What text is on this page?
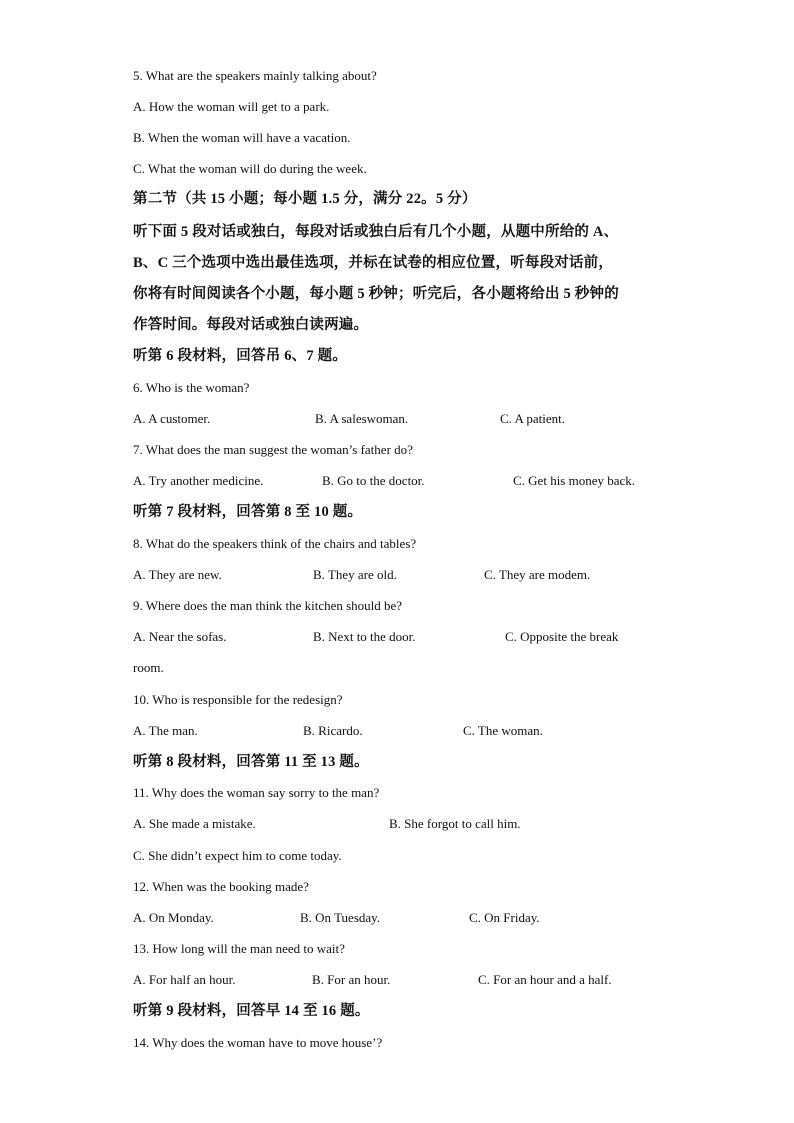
5. What are the speakers mainly talking about?
A. How the woman will get to a park.
B. When the woman will have a vacation.
C. What the woman will do during the week.
第二节（共 15 小题；每小题 1.5 分，满分 22。5 分）
听下面 5 段对话或独白，每段对话或独白后有几个小题，从题中所给的 A、
B、C 三个选项中选出最佳选项，并标在试卷的相应位置，听每段对话前，
你将有时间阅读各个小题，每小题 5 秒钟；听完后，各小题将给出 5 秒钟的
作答时间。每段对话或独白读两遍。
听第 6 段材料，回答吊 6、7 题。
6. Who is the woman?
A. A customer.	B. A saleswoman.	C. A patient.
7. What does the man suggest the woman’s father do?
A. Try another medicine.	B. Go to the doctor.	C. Get his money back.
听第 7 段材料，回答第 8 至 10 题。
8. What do the speakers think of the chairs and tables?
A. They are new.	B. They are old.	C. They are modem.
9. Where does the man think the kitchen should be?
A. Near the sofas.	B. Next to the door.	C. Opposite the break
room.
10. Who is responsible for the redesign?
A. The man.	B. Ricardo.	C. The woman.
听第 8 段材料，回答第 11 至 13 题。
11. Why does the woman say sorry to the man?
A. She made a mistake.	B. She forgot to call him.
C. She didn’t expect him to come today.
12. When was the booking made?
A. On Monday.	B. On Tuesday.	C. On Friday.
13. How long will the man need to wait?
A. For half an hour.	B. For an hour.	C. For an hour and a half.
听第 9 段材料，回答早 14 至 16 题。
14. Why does the woman have to move house’?
